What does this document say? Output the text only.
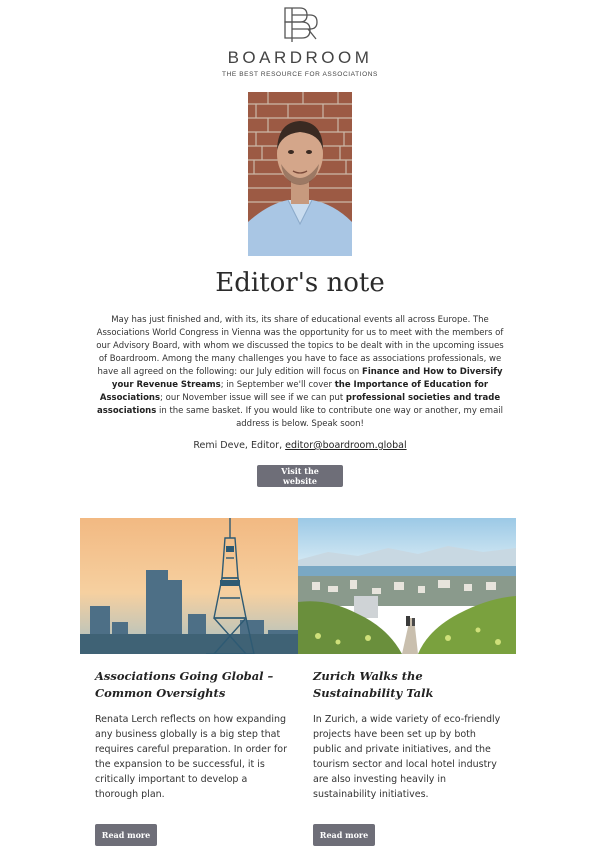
BOARDROOM
THE BEST RESOURCE FOR ASSOCIATIONS
Editor's note
May has just finished and, with its, its share of educational events all across Europe. The Associations World Congress in Vienna was the opportunity for us to meet with the members of our Advisory Board, with whom we discussed the topics to be dealt with in the upcoming issues of Boardroom. Among the many challenges you have to face as associations professionals, we have all agreed on the following: our July edition will focus on Finance and How to Diversify your Revenue Streams; in September we'll cover the Importance of Education for Associations; our November issue will see if we can put professional societies and trade associations in the same basket. If you would like to contribute one way or another, my email address is below. Speak soon!
Remi Deve, Editor, editor@boardroom.global
Visit the website
Associations Going Global – Common Oversights
Renata Lerch reflects on how expanding any business globally is a big step that requires careful preparation. In order for the expansion to be successful, it is critically important to develop a thorough plan.
Read more
Zurich Walks the Sustainability Talk
In Zurich, a wide variety of eco-friendly projects have been set up by both public and private initiatives, and the tourism sector and local hotel industry are also investing heavily in sustainability initiatives.
Read more
